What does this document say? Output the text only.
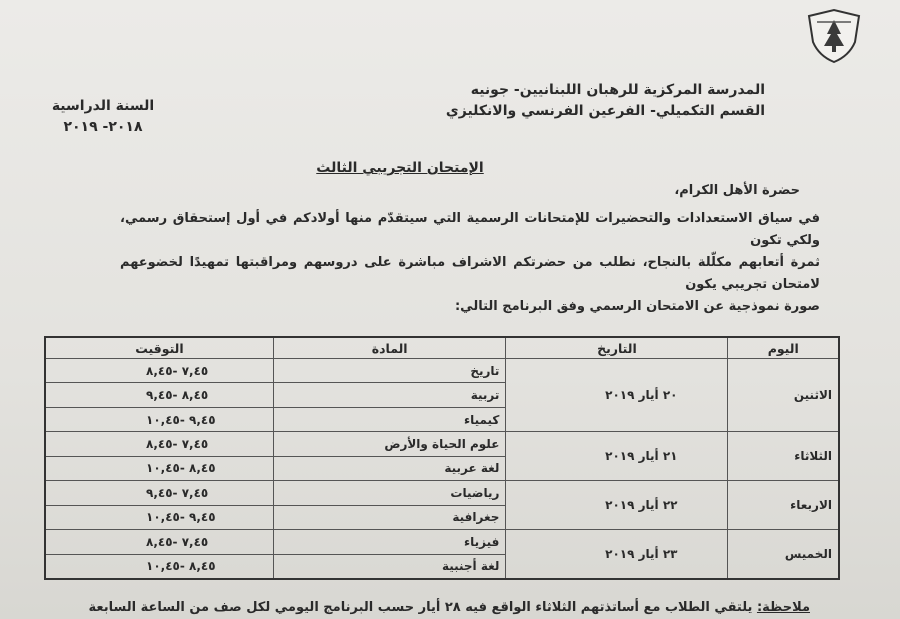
المدرسة المركزية للرهبان اللبنانيين- جونيه
القسم التكميلي- الفرعين الفرنسي والانكليزي
السنة الدراسية
٢٠١٨- ٢٠١٩
الإمتحان التجريبي الثالث
حضرة الأهل الكرام،

في سياق الاستعدادات والتحضيرات للإمتحانات الرسمية التي سيتقدّم منها أولادكم في أول إستحقاق رسمي، ولكي تكون

ثمرة أتعابهم مكلّلة بالنجاح، نطلب من حضرتكم الاشراف مباشرة على دروسهم ومراقبتها تمهيدًا لخضوعهم لامتحان تجريبي يكون

صورة نموذجية عن الامتحان الرسمي وفق البرنامج التالي:

اليوم	التاريخ	المادة	التوقيت
الاثنين	٢٠ أيار ٢٠١٩	تاريخ	٧,٤٥ -٨,٤٥
		تربية	٨,٤٥ -٩,٤٥
		كيمياء	٩,٤٥ -١٠,٤٥
الثلاثاء	٢١ أيار ٢٠١٩	علوم الحياة والأرض	٧,٤٥ -٨,٤٥
		لغة عربية	٨,٤٥ -١٠,٤٥
الاربعاء	٢٢ أيار ٢٠١٩	رياضيات	٧,٤٥ -٩,٤٥
		جغرافية	٩,٤٥ -١٠,٤٥
الخميس	٢٣ أيار ٢٠١٩	فيزياء	٧,٤٥ -٨,٤٥
		لغة أجنبية	٨,٤٥ -١٠,٤٥
ملاحظة: يلتقي الطلاب مع أساتذتهم الثلاثاء الواقع فيه ٢٨ أيار حسب البرنامج اليومي لكل صف من الساعة السابعة
